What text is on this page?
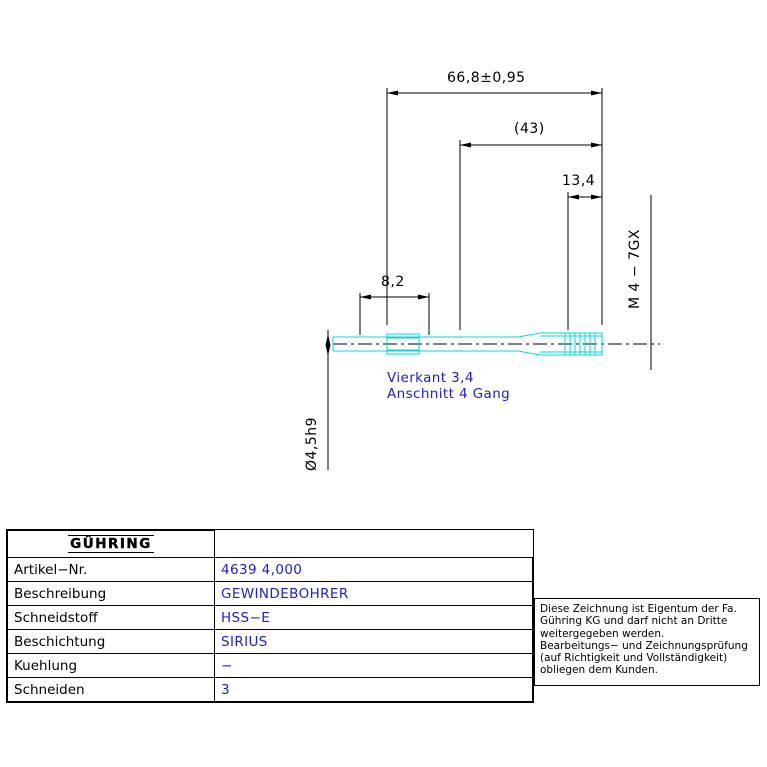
66,8±0,95
(43)
13,4
8,2
Ø4,5h9
M 4 − 7GX
Vierkant 3,4
Anschnitt 4 Gang
GÜHRING	
Artikel−Nr.	4639 4,000
Beschreibung	GEWINDEBOHRER
Schneidstoff	HSS−E
Beschichtung	SIRIUS
Kuehlung	−
Schneiden	3

Diese Zeichnung ist Eigentum der Fa.

Gühring KG und darf nicht an Dritte

weitergegeben werden.

Bearbeitungs− und Zeichnungsprüfung

(auf Richtigkeit und Vollständigkeit)

obliegen dem Kunden.
